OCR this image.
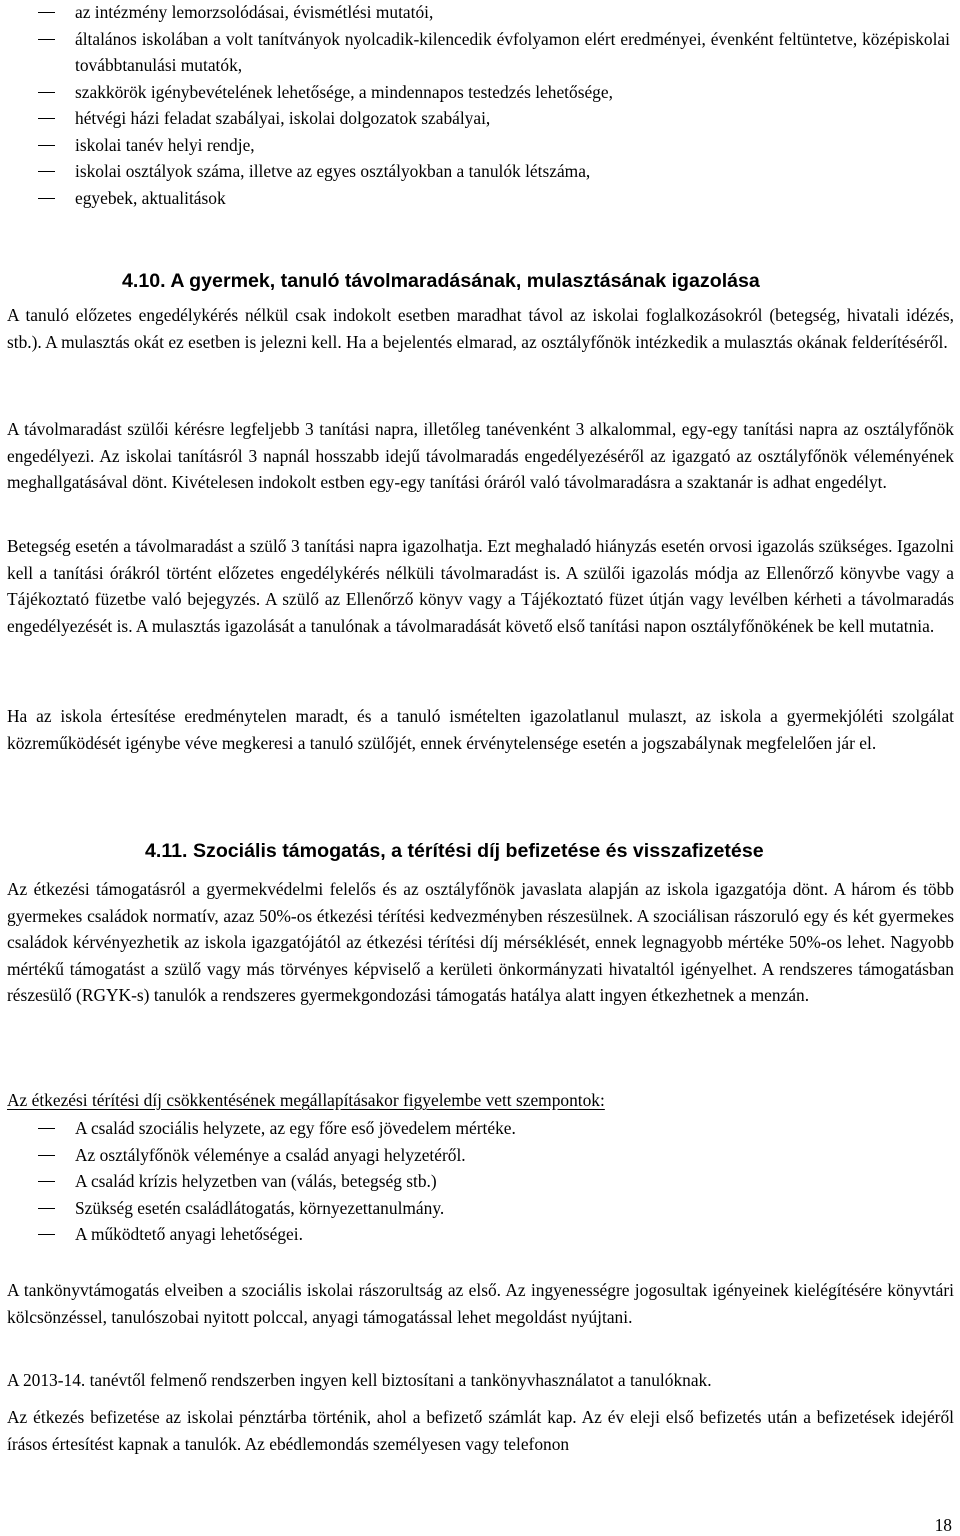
az intézmény lemorzsolódásai, évismétlési mutatói,
általános iskolában a volt tanítványok nyolcadik-kilencedik évfolyamon elért eredményei, évenként feltüntetve, középiskolai továbbtanulási mutatók,
szakkörök igénybevételének lehetősége, a mindennapos testedzés lehetősége,
hétvégi házi feladat szabályai, iskolai dolgozatok szabályai,
iskolai tanév helyi rendje,
iskolai osztályok száma, illetve az egyes osztályokban a tanulók létszáma,
egyebek, aktualitások
4.10. A gyermek, tanuló távolmaradásának, mulasztásának igazolása

A tanuló előzetes engedélykérés nélkül csak indokolt esetben maradhat távol az iskolai foglalkozásokról (betegség, hivatali idézés, stb.). A mulasztás okát ez esetben is jelezni kell. Ha a bejelentés elmarad, az osztályfőnök intézkedik a mulasztás okának felderítéséről.

A távolmaradást szülői kérésre legfeljebb 3 tanítási napra, illetőleg tanévenként 3 alkalommal, egy-egy tanítási napra az osztályfőnök engedélyezi. Az iskolai tanításról 3 napnál hosszabb idejű távolmaradás engedélyezéséről az igazgató az osztályfőnök véleményének meghallgatásával dönt. Kivételesen indokolt estben egy-egy tanítási óráról való távolmaradásra a szaktanár is adhat engedélyt.

Betegség esetén a távolmaradást a szülő 3 tanítási napra igazolhatja. Ezt meghaladó hiányzás esetén orvosi igazolás szükséges. Igazolni kell a tanítási órákról történt előzetes engedélykérés nélküli távolmaradást is. A szülői igazolás módja az Ellenőrző könyvbe vagy a Tájékoztató füzetbe való bejegyzés. A szülő az Ellenőrző könyv vagy a Tájékoztató füzet útján vagy levélben kérheti a távolmaradás engedélyezését is. A mulasztás igazolását a tanulónak a távolmaradását követő első tanítási napon osztályfőnökének be kell mutatnia.

Ha az iskola értesítése eredménytelen maradt, és a tanuló ismételten igazolatlanul mulaszt, az iskola a gyermekjóléti szolgálat közreműködését igénybe véve megkeresi a tanuló szülőjét, ennek érvénytelensége esetén a jogszabálynak megfelelően jár el.

4.11. Szociális támogatás, a térítési díj befizetése és visszafizetése

Az étkezési támogatásról a gyermekvédelmi felelős és az osztályfőnök javaslata alapján az iskola igazgatója dönt. A három és több gyermekes családok normatív, azaz 50%-os étkezési térítési kedvezményben részesülnek. A szociálisan rászoruló egy és két gyermekes családok kérvényezhetik az iskola igazgatójától az étkezési térítési díj mérséklését, ennek legnagyobb mértéke 50%-os lehet. Nagyobb mértékű támogatást a szülő vagy más törvényes képviselő a kerületi önkormányzati hivataltól igényelhet. A rendszeres támogatásban részesülő (RGYK-s) tanulók a rendszeres gyermekgondozási támogatás hatálya alatt ingyen étkezhetnek a menzán.

Az étkezési térítési díj csökkentésének megállapításakor figyelembe vett szempontok:
A család szociális helyzete, az egy főre eső jövedelem mértéke.
Az osztályfőnök véleménye a család anyagi helyzetéről.
A család krízis helyzetben van (válás, betegség stb.)
Szükség esetén családlátogatás, környezettanulmány.
A működtető anyagi lehetőségei.

A tankönyvtámogatás elveiben a szociális iskolai rászorultság az első. Az ingyenességre jogosultak igényeinek kielégítésére könyvtári kölcsönzéssel, tanulószobai nyitott polccal, anyagi támogatással lehet megoldást nyújtani.

A 2013-14. tanévtől felmenő rendszerben ingyen kell biztosítani a tankönyvhasználatot a tanulóknak.

Az étkezés befizetése az iskolai pénztárba történik, ahol a befizető számlát kap. Az év eleji első befizetés után a befizetések idejéről írásos értesítést kapnak a tanulók. Az ebédlemondás személyesen vagy telefonon

18
